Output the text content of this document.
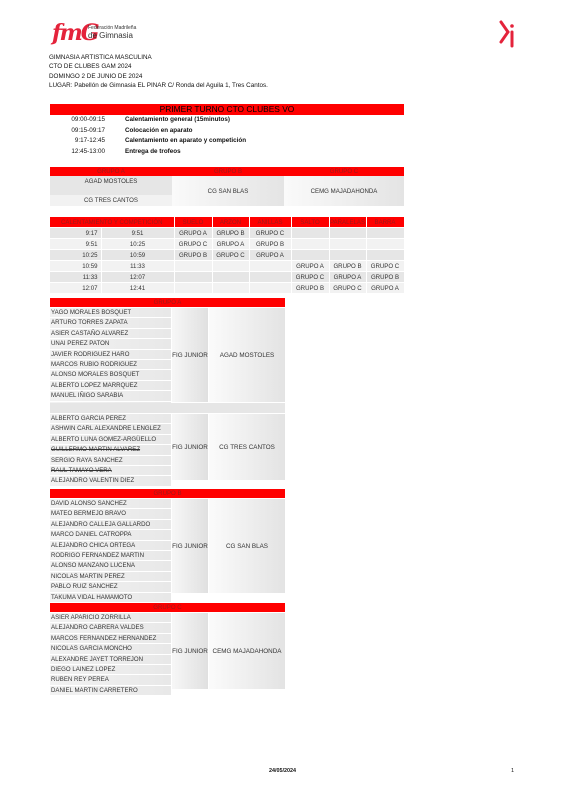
fmG
Federación Madrileña
de Gimnasia
GIMNASIA ARTISTICA MASCULINA
CTO DE CLUBES GAM 2024
DOMINGO 2 DE JUNIO DE 2024
LUGAR: Pabellón de Gimnasia EL PINAR C/ Ronda del Aguila 1, Tres Cantos.
PRIMER TURNO CTO CLUBES VO
09:00-09:15	Calentamiento general (15minutos)
09:15-09:17	Colocación en aparato
9:17-12:45	Calentamiento en aparato y competición
12:45-13:00	Entrega de trofeos
GRUPO A	GRUPO B	GRUPO C
AGAD MOSTOLES	CG SAN BLAS	CEMG MAJADAHONDA

CG TRES CANTOS		
CALENTAMIENTO Y COMPETICIÓN		SUELO	ARZON	ANILLAS	SALTO	PARALELAS	BARRA
9:17	9:51	GRUPO A	GRUPO B	GRUPO C			
9:51	10:25	GRUPO C	GRUPO A	GRUPO B			
10:25	10:59	GRUPO B	GRUPO C	GRUPO A			
10:59	11:33				GRUPO A	GRUPO B	GRUPO C
11:33	12:07				GRUPO C	GRUPO A	GRUPO B
12:07	12:41				GRUPO B	GRUPO C	GRUPO A
GRUPO A
YAGO MORALES BOSQUET
ARTURO TORRES ZAPATA
ASIER CASTAÑO ALVAREZ
UNAI PEREZ PATON
JAVIER RODRIGUEZ HARO
MARCOS RUBIO RODRIGUEZ
ALONSO MORALES BOSQUET
ALBERTO LOPEZ MARRQUEZ
MANUEL IÑIGO SARABIA
FIG JUNIOR	AGAD MOSTOLES
ALBERTO GARCIA PEREZ
ASHWIN CARL ALEXANDRE LENGLEZ
ALBERTO LUNA GOMEZ-ARGÜELLO
GUILLERMO MARTIN ALVAREZ
SERGIO RAYA SANCHEZ
RAUL TAMAYO VERA
ALEJANDRO VALENTIN DIEZ
FIG JUNIOR	CG TRES CANTOS
GRUPO B
DAVID ALONSO SANCHEZ
MATEO BERMEJO BRAVO
ALEJANDRO CALLEJA GALLARDO
MARCO DANIEL CATROPPA
ALEJANDRO CHICA ORTEGA
RODRIGO FERNANDEZ MARTIN
ALONSO MANZANO LUCENA
NICOLAS MARTIN PEREZ
PABLO RUIZ SANCHEZ
TAKUMA VIDAL HAMAMOTO
FIG JUNIOR	CG SAN BLAS
GRUPO C
ASIER APARICIO ZORRILLA
ALEJANDRO CABRERA VALDES
MARCOS FERNANDEZ HERNANDEZ
NICOLAS GARCIA MONCHO
ALEXANDRE JAYET TORREJON
DIEGO LAINEZ LOPEZ
RUBEN REY PEREA
DANIEL MARTIN CARRETERO
FIG JUNIOR CEMG MAJADAHONDA
24/05/2024	1
